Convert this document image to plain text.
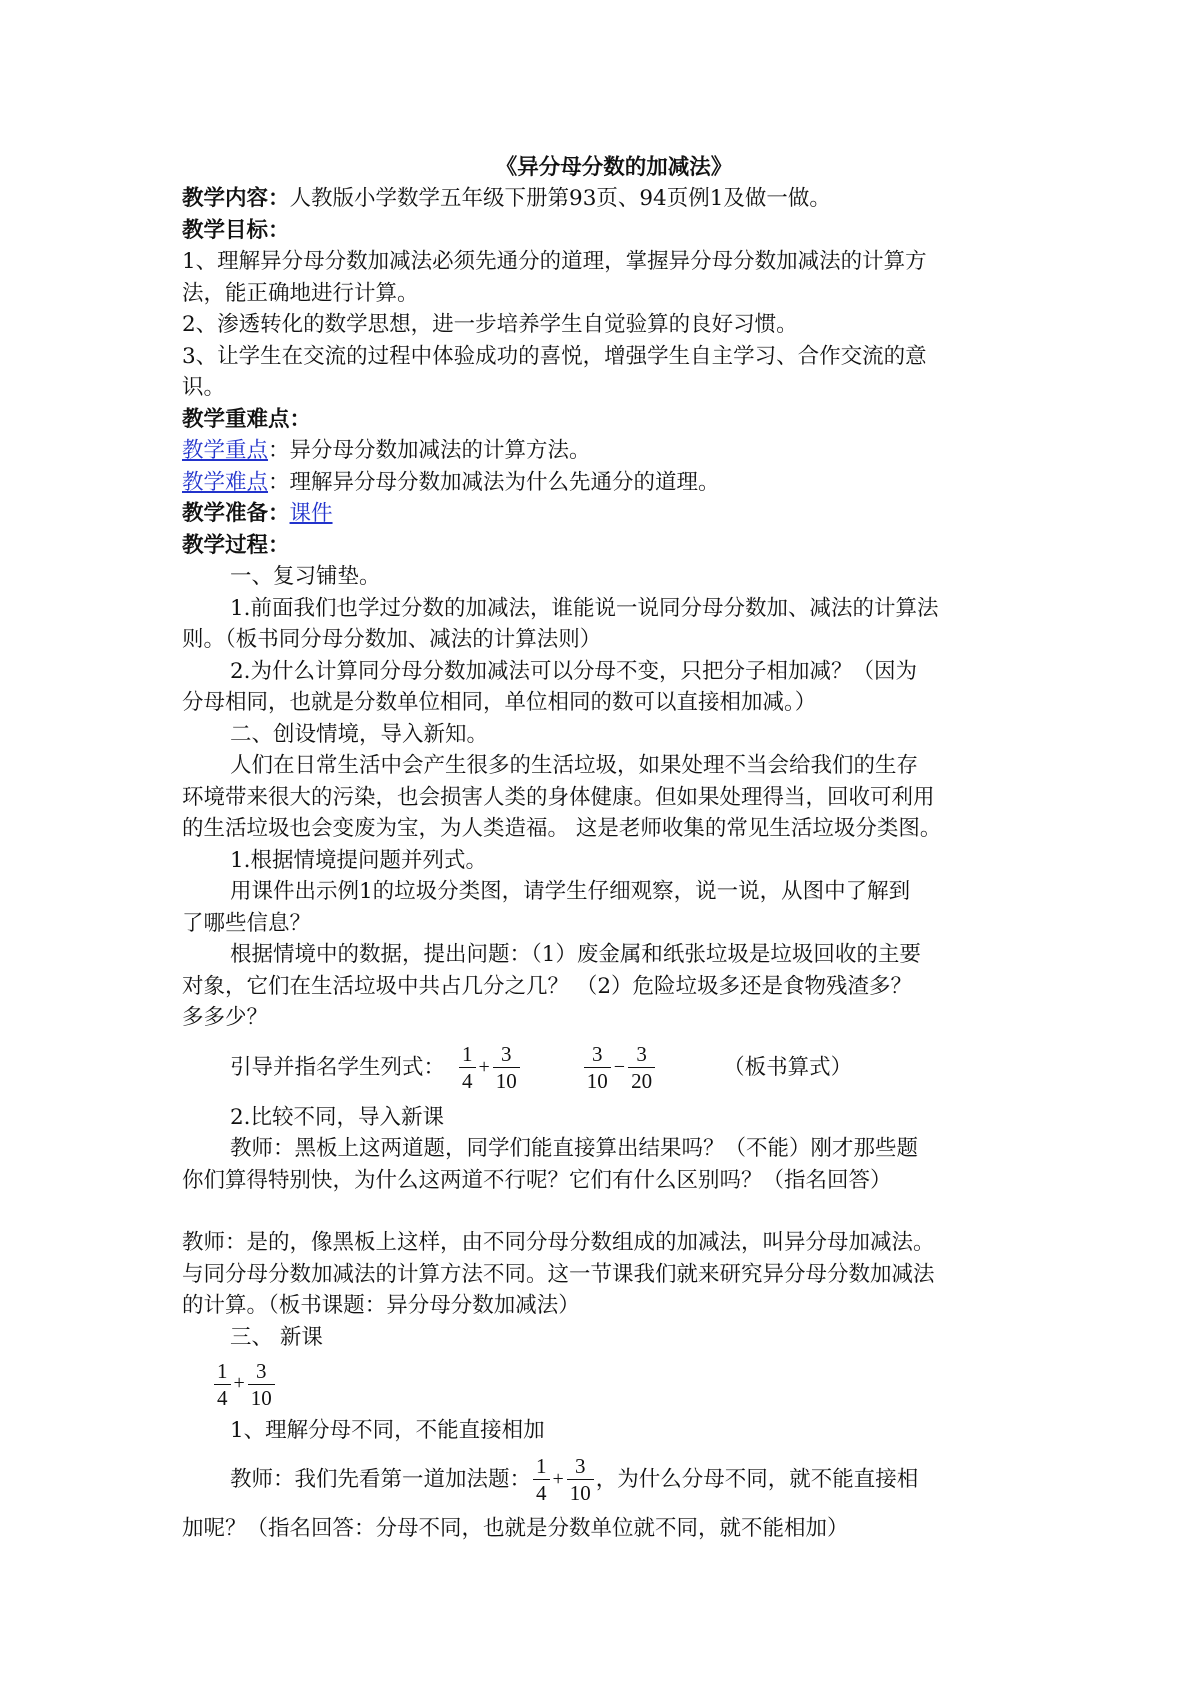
《异分母分数的加减法》
教学内容：人教版小学数学五年级下册第93页、94页例1及做一做。
教学目标：
1、理解异分母分数加减法必须先通分的道理，掌握异分母分数加减法的计算方
法，能正确地进行计算。
2、渗透转化的数学思想，进一步培养学生自觉验算的良好习惯。
3、让学生在交流的过程中体验成功的喜悦，增强学生自主学习、合作交流的意
识。
教学重难点：
教学重点：异分母分数加减法的计算方法。
教学难点：理解异分母分数加减法为什么先通分的道理。
教学准备：课件
教学过程：
一、复习铺垫。
1.前面我们也学过分数的加减法，谁能说一说同分母分数加、减法的计算法
则。（板书同分母分数加、减法的计算法则）
2.为什么计算同分母分数加减法可以分母不变，只把分子相加减？（因为
分母相同，也就是分数单位相同，单位相同的数可以直接相加减。）
二、创设情境，导入新知。
人们在日常生活中会产生很多的生活垃圾，如果处理不当会给我们的生存
环境带来很大的污染，也会损害人类的身体健康。但如果处理得当，回收可利用
的生活垃圾也会变废为宝，为人类造福。 这是老师收集的常见生活垃圾分类图。
1.根据情境提问题并列式。
用课件出示例1的垃圾分类图，请学生仔细观察，说一说，从图中了解到
了哪些信息？
根据情境中的数据，提出问题：（1）废金属和纸张垃圾是垃圾回收的主要
对象，它们在生活垃圾中共占几分之几？ （2）危险垃圾多还是食物残渣多？
多多少？
引导并指名学生列式： $\frac{1}{4} + \frac{3}{10}$	$\frac{3}{10} - \frac{3}{20}$	（板书算式）
2.比较不同，导入新课
教师：黑板上这两道题，同学们能直接算出结果吗？（不能）刚才那些题
你们算得特别快，为什么这两道不行呢？它们有什么区别吗？（指名回答）
教师：是的，像黑板上这样，由不同分母分数组成的加减法，叫异分母加减法。
与同分母分数加减法的计算方法不同。这一节课我们就来研究异分母分数加减法
的计算。（板书课题：异分母分数加减法）
三、 新课
$\frac{1}{4} + \frac{3}{10}$
1、理解分母不同，不能直接相加
教师：我们先看第一道加法题： $\frac{1}{4} + \frac{3}{10}$ ，为什么分母不同，就不能直接相
加呢？（指名回答：分母不同，也就是分数单位就不同，就不能相加）
